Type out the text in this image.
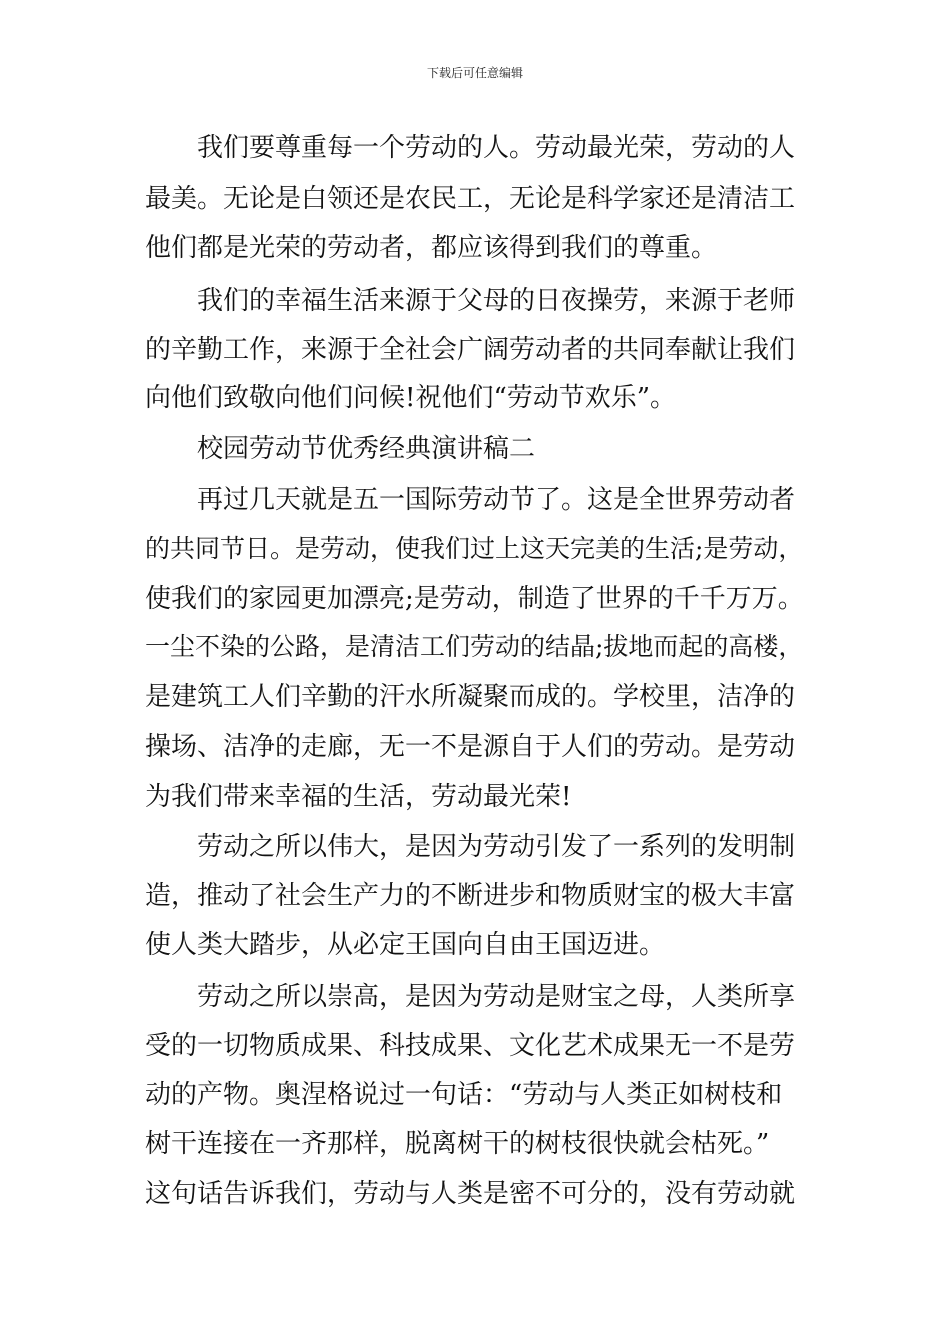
下载后可任意编辑
我们要尊重每一个劳动的人。劳动最光荣，劳动的人
最美。无论是白领还是农民工，无论是科学家还是清洁工
他们都是光荣的劳动者，都应该得到我们的尊重。
我们的幸福生活来源于父母的日夜操劳，来源于老师
的辛勤工作，来源于全社会广阔劳动者的共同奉献让我们
向他们致敬向他们问候!祝他们“劳动节欢乐”。
校园劳动节优秀经典演讲稿二
再过几天就是五一国际劳动节了。这是全世界劳动者
的共同节日。是劳动，使我们过上这天完美的生活;是劳动，
使我们的家园更加漂亮;是劳动，制造了世界的千千万万。
一尘不染的公路，是清洁工们劳动的结晶;拔地而起的高楼，
是建筑工人们辛勤的汗水所凝聚而成的。学校里，洁净的
操场、洁净的走廊，无一不是源自于人们的劳动。是劳动
为我们带来幸福的生活，劳动最光荣!
劳动之所以伟大，是因为劳动引发了一系列的发明制
造，推动了社会生产力的不断进步和物质财宝的极大丰富
使人类大踏步，从必定王国向自由王国迈进。
劳动之所以崇高，是因为劳动是财宝之母，人类所享
受的一切物质成果、科技成果、文化艺术成果无一不是劳
动的产物。奥涅格说过一句话：“劳动与人类正如树枝和
树干连接在一齐那样，脱离树干的树枝很快就会枯死。”
这句话告诉我们，劳动与人类是密不可分的，没有劳动就
